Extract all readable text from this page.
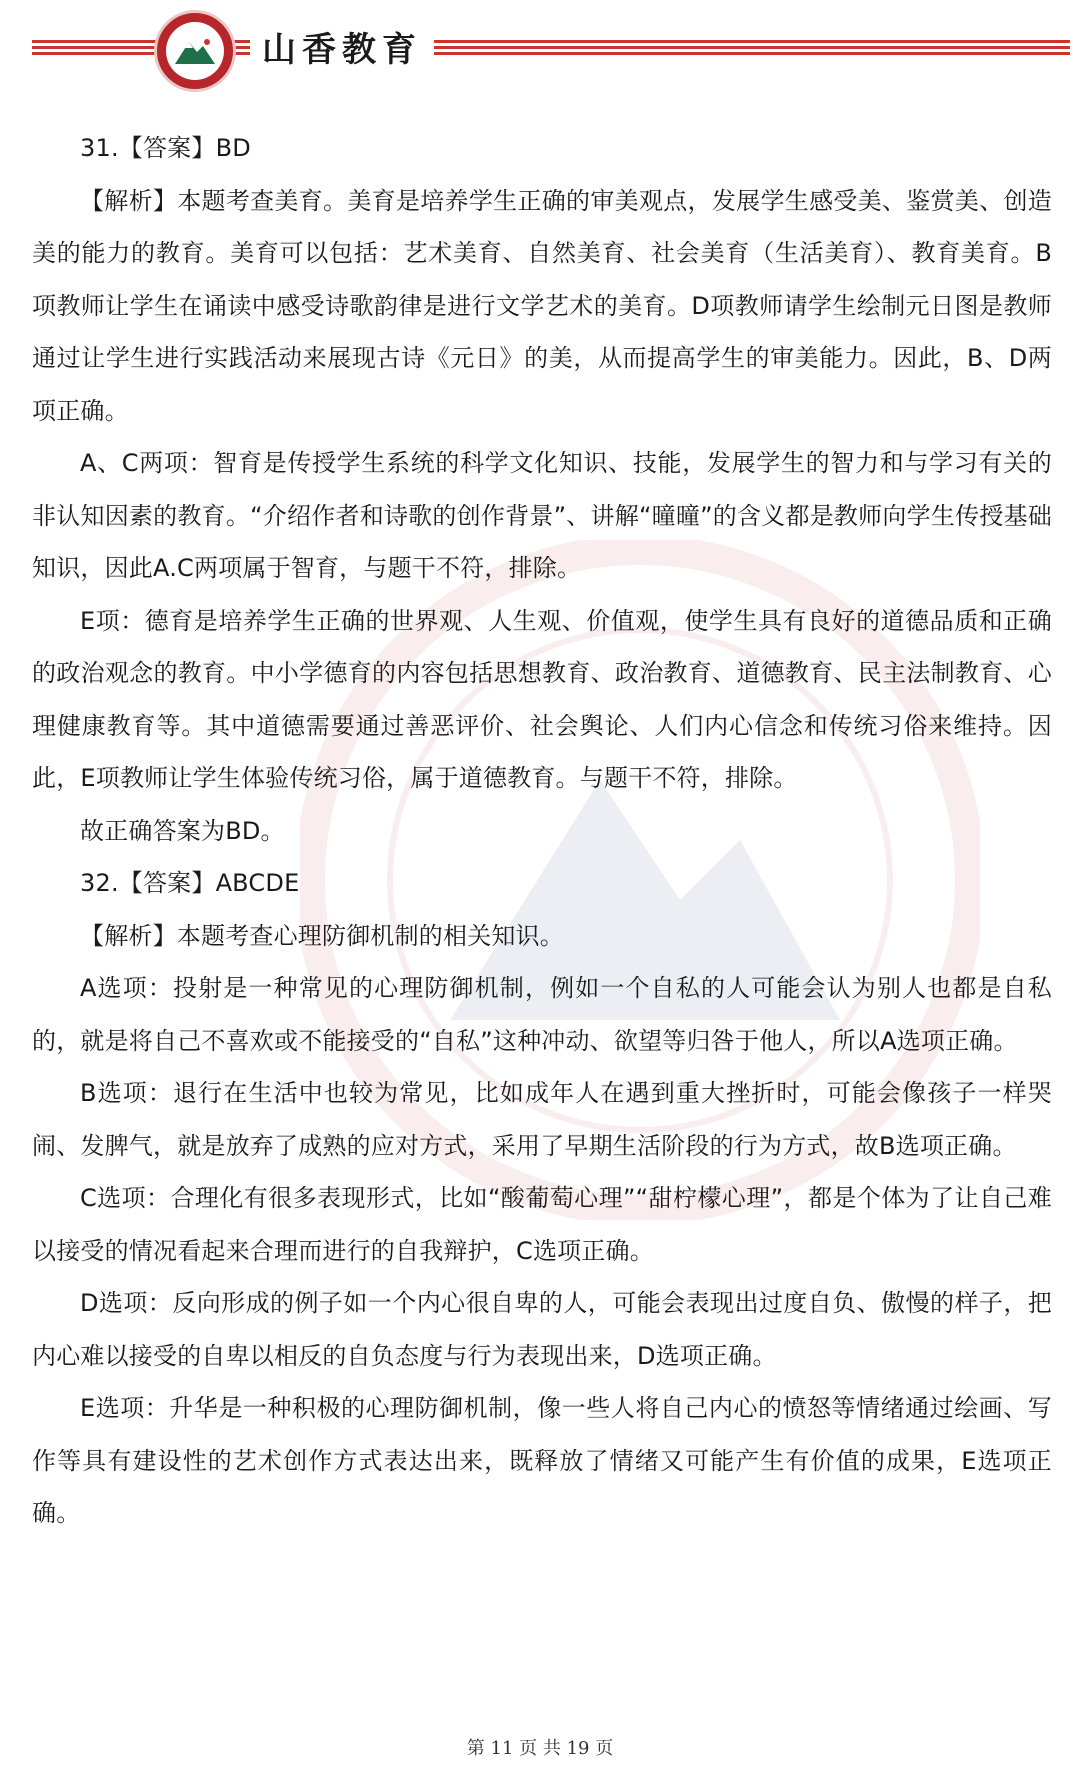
山香教育

31.【答案】BD

【解析】本题考查美育。美育是培养学生正确的审美观点，发展学生感受美、鉴赏美、创造美的能力的教育。美育可以包括：艺术美育、自然美育、社会美育（生活美育）、教育美育。B项教师让学生在诵读中感受诗歌韵律是进行文学艺术的美育。D项教师请学生绘制元日图是教师通过让学生进行实践活动来展现古诗《元日》的美，从而提高学生的审美能力。因此，B、D两项正确。

A、C两项：智育是传授学生系统的科学文化知识、技能，发展学生的智力和与学习有关的非认知因素的教育。“介绍作者和诗歌的创作背景”、讲解“曈曈”的含义都是教师向学生传授基础知识，因此A.C两项属于智育，与题干不符，排除。

E项：德育是培养学生正确的世界观、人生观、价值观，使学生具有良好的道德品质和正确的政治观念的教育。中小学德育的内容包括思想教育、政治教育、道德教育、民主法制教育、心理健康教育等。其中道德需要通过善恶评价、社会舆论、人们内心信念和传统习俗来维持。因此，E项教师让学生体验传统习俗，属于道德教育。与题干不符，排除。

故正确答案为BD。

32.【答案】ABCDE

【解析】本题考查心理防御机制的相关知识。

A选项：投射是一种常见的心理防御机制，例如一个自私的人可能会认为别人也都是自私的，就是将自己不喜欢或不能接受的“自私”这种冲动、欲望等归咎于他人，所以A选项正确。

B选项：退行在生活中也较为常见，比如成年人在遇到重大挫折时，可能会像孩子一样哭闹、发脾气，就是放弃了成熟的应对方式，采用了早期生活阶段的行为方式，故B选项正确。

C选项：合理化有很多表现形式，比如“酸葡萄心理”“甜柠檬心理”，都是个体为了让自己难以接受的情况看起来合理而进行的自我辩护，C选项正确。

D选项：反向形成的例子如一个内心很自卑的人，可能会表现出过度自负、傲慢的样子，把内心难以接受的自卑以相反的自负态度与行为表现出来，D选项正确。

E选项：升华是一种积极的心理防御机制，像一些人将自己内心的愤怒等情绪通过绘画、写作等具有建设性的艺术创作方式表达出来，既释放了情绪又可能产生有价值的成果，E选项正确。

第 11 页 共 19 页
